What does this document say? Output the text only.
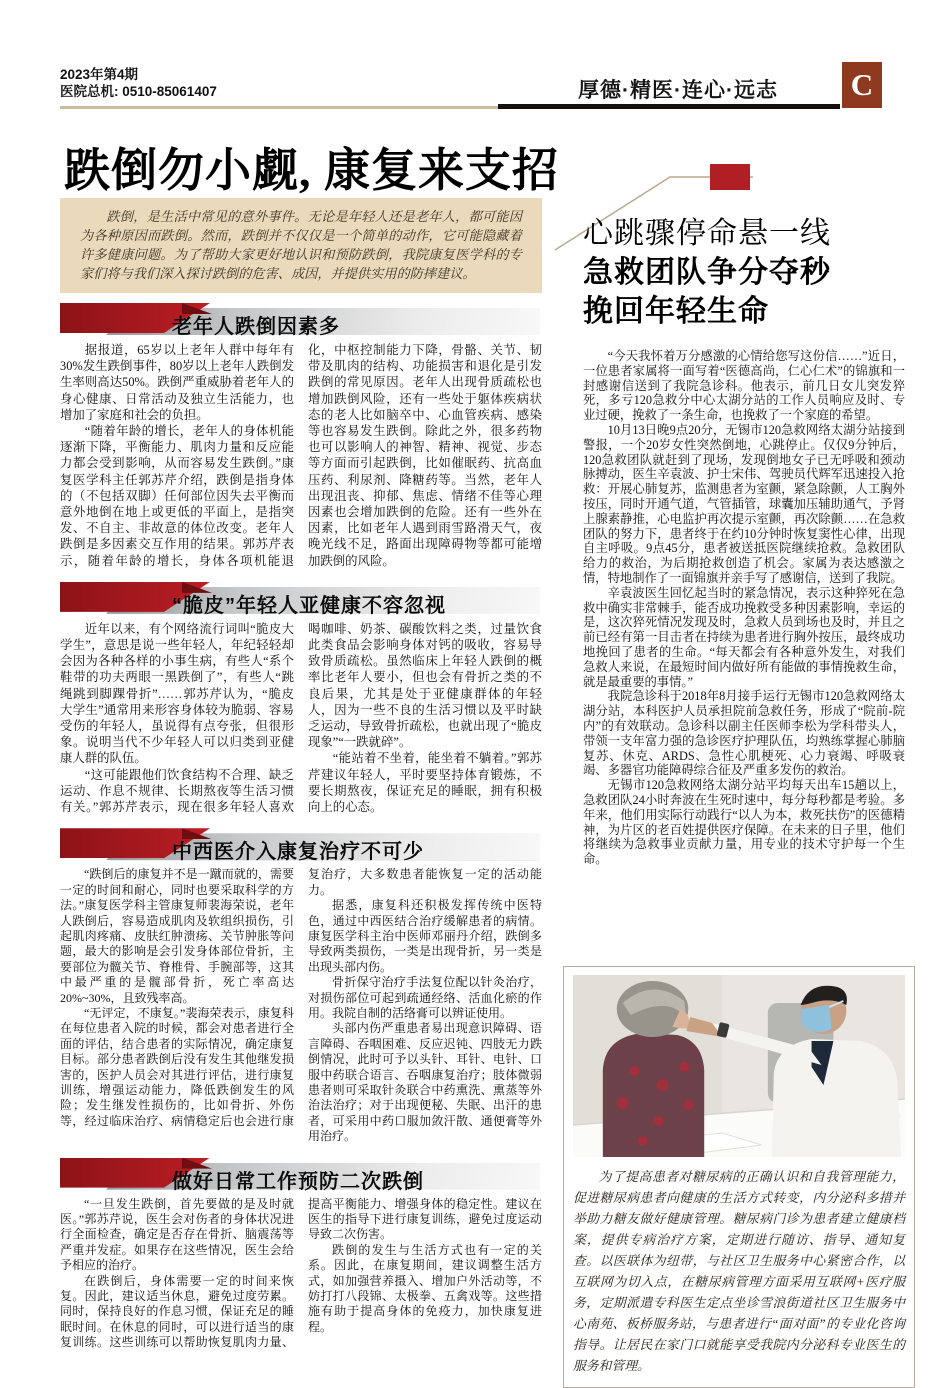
2023年第4期
医院总机: 0510-85061407	厚德·精医·连心·远志 C
跌倒勿小觑, 康复来支招

跌倒，是生活中常见的意外事件。无论是年轻人还是老年人，都可能因为各种原因而跌倒。然而，跌倒并不仅仅是一个简单的动作，它可能隐藏着许多健康问题。为了帮助大家更好地认识和预防跌倒，我院康复医学科的专家们将与我们深入探讨跌倒的危害、成因，并提供实用的防摔建议。

老年人跌倒因素多

据报道，65岁以上老年人群中每年有30%发生跌倒事件，80岁以上老年人跌倒发生率则高达50%。跌倒严重威胁着老年人的身心健康、日常活动及独立生活能力，也增加了家庭和社会的负担。

“随着年龄的增长，老年人的身体机能逐渐下降，平衡能力、肌肉力量和反应能力都会受到影响，从而容易发生跌倒。”康复医学科主任郭苏芹介绍，跌倒是指身体的（不包括双脚）任何部位因失去平衡而意外地倒在地上或更低的平面上，是指突发、不自主、非故意的体位改变。老年人跌倒是多因素交互作用的结果。郭苏芹表示，随着年龄的增长，身体各项机能退化，中枢控制能力下降，骨骼、关节、韧带及肌肉的结构、功能损害和退化是引发跌倒的常见原因。老年人出现骨质疏松也增加跌倒风险，还有一些处于躯体疾病状态的老人比如脑卒中、心血管疾病、感染等也容易发生跌倒。除此之外，很多药物也可以影响人的神智、精神、视觉、步态等方面而引起跌倒，比如催眠药、抗高血压药、利尿剂、降糖药等。当然，老年人出现沮丧、抑郁、焦虑、情绪不佳等心理因素也会增加跌倒的危险。还有一些外在因素，比如老年人遇到雨雪路滑天气，夜晚光线不足，路面出现障碍物等都可能增加跌倒的风险。

“脆皮”年轻人亚健康不容忽视

近年以来，有个网络流行词叫“脆皮大学生”，意思是说一些年轻人，年纪轻轻却会因为各种各样的小事生病，有些人“系个鞋带的功夫两眼一黑跌倒了”，有些人“跳绳跳到脚踝骨折”……郭苏芹认为，“脆皮大学生”通常用来形容身体较为脆弱、容易受伤的年轻人，虽说得有点夸张，但很形象。说明当代不少年轻人可以归类到亚健康人群的队伍。

“这可能跟他们饮食结构不合理、缺乏运动、作息不规律、长期熬夜等生活习惯有关。”郭苏芹表示，现在很多年轻人喜欢喝咖啡、奶茶、碳酸饮料之类，过量饮食此类食品会影响身体对钙的吸收，容易导致骨质疏松。虽然临床上年轻人跌倒的概率比老年人要小，但也会有骨折之类的不良后果，尤其是处于亚健康群体的年轻人，因为一些不良的生活习惯以及平时缺乏运动，导致骨折疏松，也就出现了“脆皮现象”“一跌就碎”。

“能站着不坐着，能坐着不躺着。”郭苏芹建议年轻人，平时要坚持体育锻炼，不要长期熬夜，保证充足的睡眠，拥有积极向上的心态。

中西医介入康复治疗不可少

“跌倒后的康复并不是一蹴而就的，需要一定的时间和耐心，同时也要采取科学的方法。”康复医学科主管康复师裴海荣说，老年人跌倒后，容易造成肌肉及软组织损伤，引起肌肉疼痛、皮肤红肿溃疡、关节肿胀等问题，最大的影响是会引发身体部位骨折，主要部位为髋关节、脊椎骨、手腕部等，这其中最严重的是髋部骨折，死亡率高达20%~30%，且致残率高。

“无评定，不康复。”裴海荣表示，康复科在每位患者入院的时候，都会对患者进行全面的评估，结合患者的实际情况，确定康复目标。部分患者跌倒后没有发生其他继发损害的，医护人员会对其进行评估，进行康复训练，增强运动能力，降低跌倒发生的风险；发生继发性损伤的，比如骨折、外伤等，经过临床治疗、病情稳定后也会进行康复治疗，大多数患者能恢复一定的活动能力。

据悉，康复科还积极发挥传统中医特色，通过中西医结合治疗缓解患者的病情。康复医学科主治中医师邓丽丹介绍，跌倒多导致两类损伤，一类是出现骨折，另一类是出现头部内伤。

骨折保守治疗手法复位配以针灸治疗，对损伤部位可起到疏通经络、活血化瘀的作用。我院自制的活络膏可以辨证使用。

头部内伤严重患者易出现意识障碍、语言障碍、吞咽困难、反应迟钝、四肢无力跌倒情况，此时可予以头针、耳针、电针、口服中药联合语言、吞咽康复治疗；肢体微弱患者则可采取针灸联合中药熏洗、熏蒸等外治法治疗；对于出现便秘、失眠、出汗的患者，可采用中药口服加敛汗散、通便膏等外用治疗。

做好日常工作预防二次跌倒

“一旦发生跌倒，首先要做的是及时就医。”郭苏芹说，医生会对伤者的身体状况进行全面检查，确定是否存在骨折、脑震荡等严重并发症。如果存在这些情况，医生会给予相应的治疗。

在跌倒后，身体需要一定的时间来恢复。因此，建议适当休息，避免过度劳累。同时，保持良好的作息习惯，保证充足的睡眠时间。在休息的同时，可以进行适当的康复训练。这些训练可以帮助恢复肌肉力量、提高平衡能力、增强身体的稳定性。建议在医生的指导下进行康复训练，避免过度运动导致二次伤害。

跌倒的发生与生活方式也有一定的关系。因此，在康复期间，建议调整生活方式，如加强营养摄入、增加户外活动等，不妨打打八段锦、太极拳、五禽戏等。这些措施有助于提高身体的免疫力，加快康复进程。

心跳骤停命悬一线
急救团队争分夺秒
挽回年轻生命

“今天我怀着万分感激的心情给您写这份信……”近日，一位患者家属将一面写着“医德高尚，仁心仁术”的锦旗和一封感谢信送到了我院急诊科。他表示，前几日女儿突发猝死，多亏120急救分中心太湖分站的工作人员响应及时、专业过硬，挽救了一条生命，也挽救了一个家庭的希望。

10月13日晚9点20分，无锡市120急救网络太湖分站接到警报，一个20岁女性突然倒地，心跳停止。仅仅9分钟后，120急救团队就赶到了现场，发现倒地女子已无呼吸和颈动脉搏动，医生辛袁波、护士宋伟、驾驶员代辉军迅速投入抢救：开展心肺复苏，监测患者为室颤，紧急除颤，人工胸外按压，同时开通气道，气管插管，球囊加压辅助通气，予肾上腺素静推，心电监护再次提示室颤，再次除颤……在急救团队的努力下，患者终于在约10分钟时恢复窦性心律，出现自主呼吸。9点45分，患者被送抵医院继续抢救。急救团队给力的救治，为后期抢救创造了机会。家属为表达感激之情，特地制作了一面锦旗并亲手写了感谢信，送到了我院。

辛袁波医生回忆起当时的紧急情况，表示这种猝死在急救中确实非常棘手，能否成功挽救受多种因素影响，幸运的是，这次猝死情况发现及时，急救人员到场也及时，并且之前已经有第一目击者在持续为患者进行胸外按压，最终成功地挽回了患者的生命。“每天都会有各种意外发生，对我们急救人来说，在最短时间内做好所有能做的事情挽救生命，就是最重要的事情。”

我院急诊科于2018年8月接手运行无锡市120急救网络太湖分站，本科医护人员承担院前急救任务，形成了“院前-院内”的有效联动。急诊科以副主任医师李松为学科带头人，带领一支年富力强的急诊医疗护理队伍，均熟练掌握心肺脑复苏、休克、ARDS、急性心肌梗死、心力衰竭、呼吸衰竭、多器官功能障碍综合征及严重多发伤的救治。

无锡市120急救网络太湖分站平均每天出车15趟以上，急救团队24小时奔波在生死时速中，每分每秒都是考验。多年来，他们用实际行动践行“以人为本，救死扶伤”的医德精神，为片区的老百姓提供医疗保障。在未来的日子里，他们将继续为急救事业贡献力量，用专业的技术守护每一个生命。

为了提高患者对糖尿病的正确认识和自我管理能力，促进糖尿病患者向健康的生活方式转变，内分泌科多措并举助力糖友做好健康管理。糖尿病门诊为患者建立健康档案，提供专病治疗方案，定期进行随访、指导、通知复查。以医联体为纽带，与社区卫生服务中心紧密合作，以互联网为切入点，在糖尿病管理方面采用互联网+医疗服务，定期派遣专科医生定点坐诊雪浪街道社区卫生服务中心南苑、板桥服务站，与患者进行“面对面”的专业化咨询指导。让居民在家门口就能享受我院内分泌科专业医生的服务和管理。
